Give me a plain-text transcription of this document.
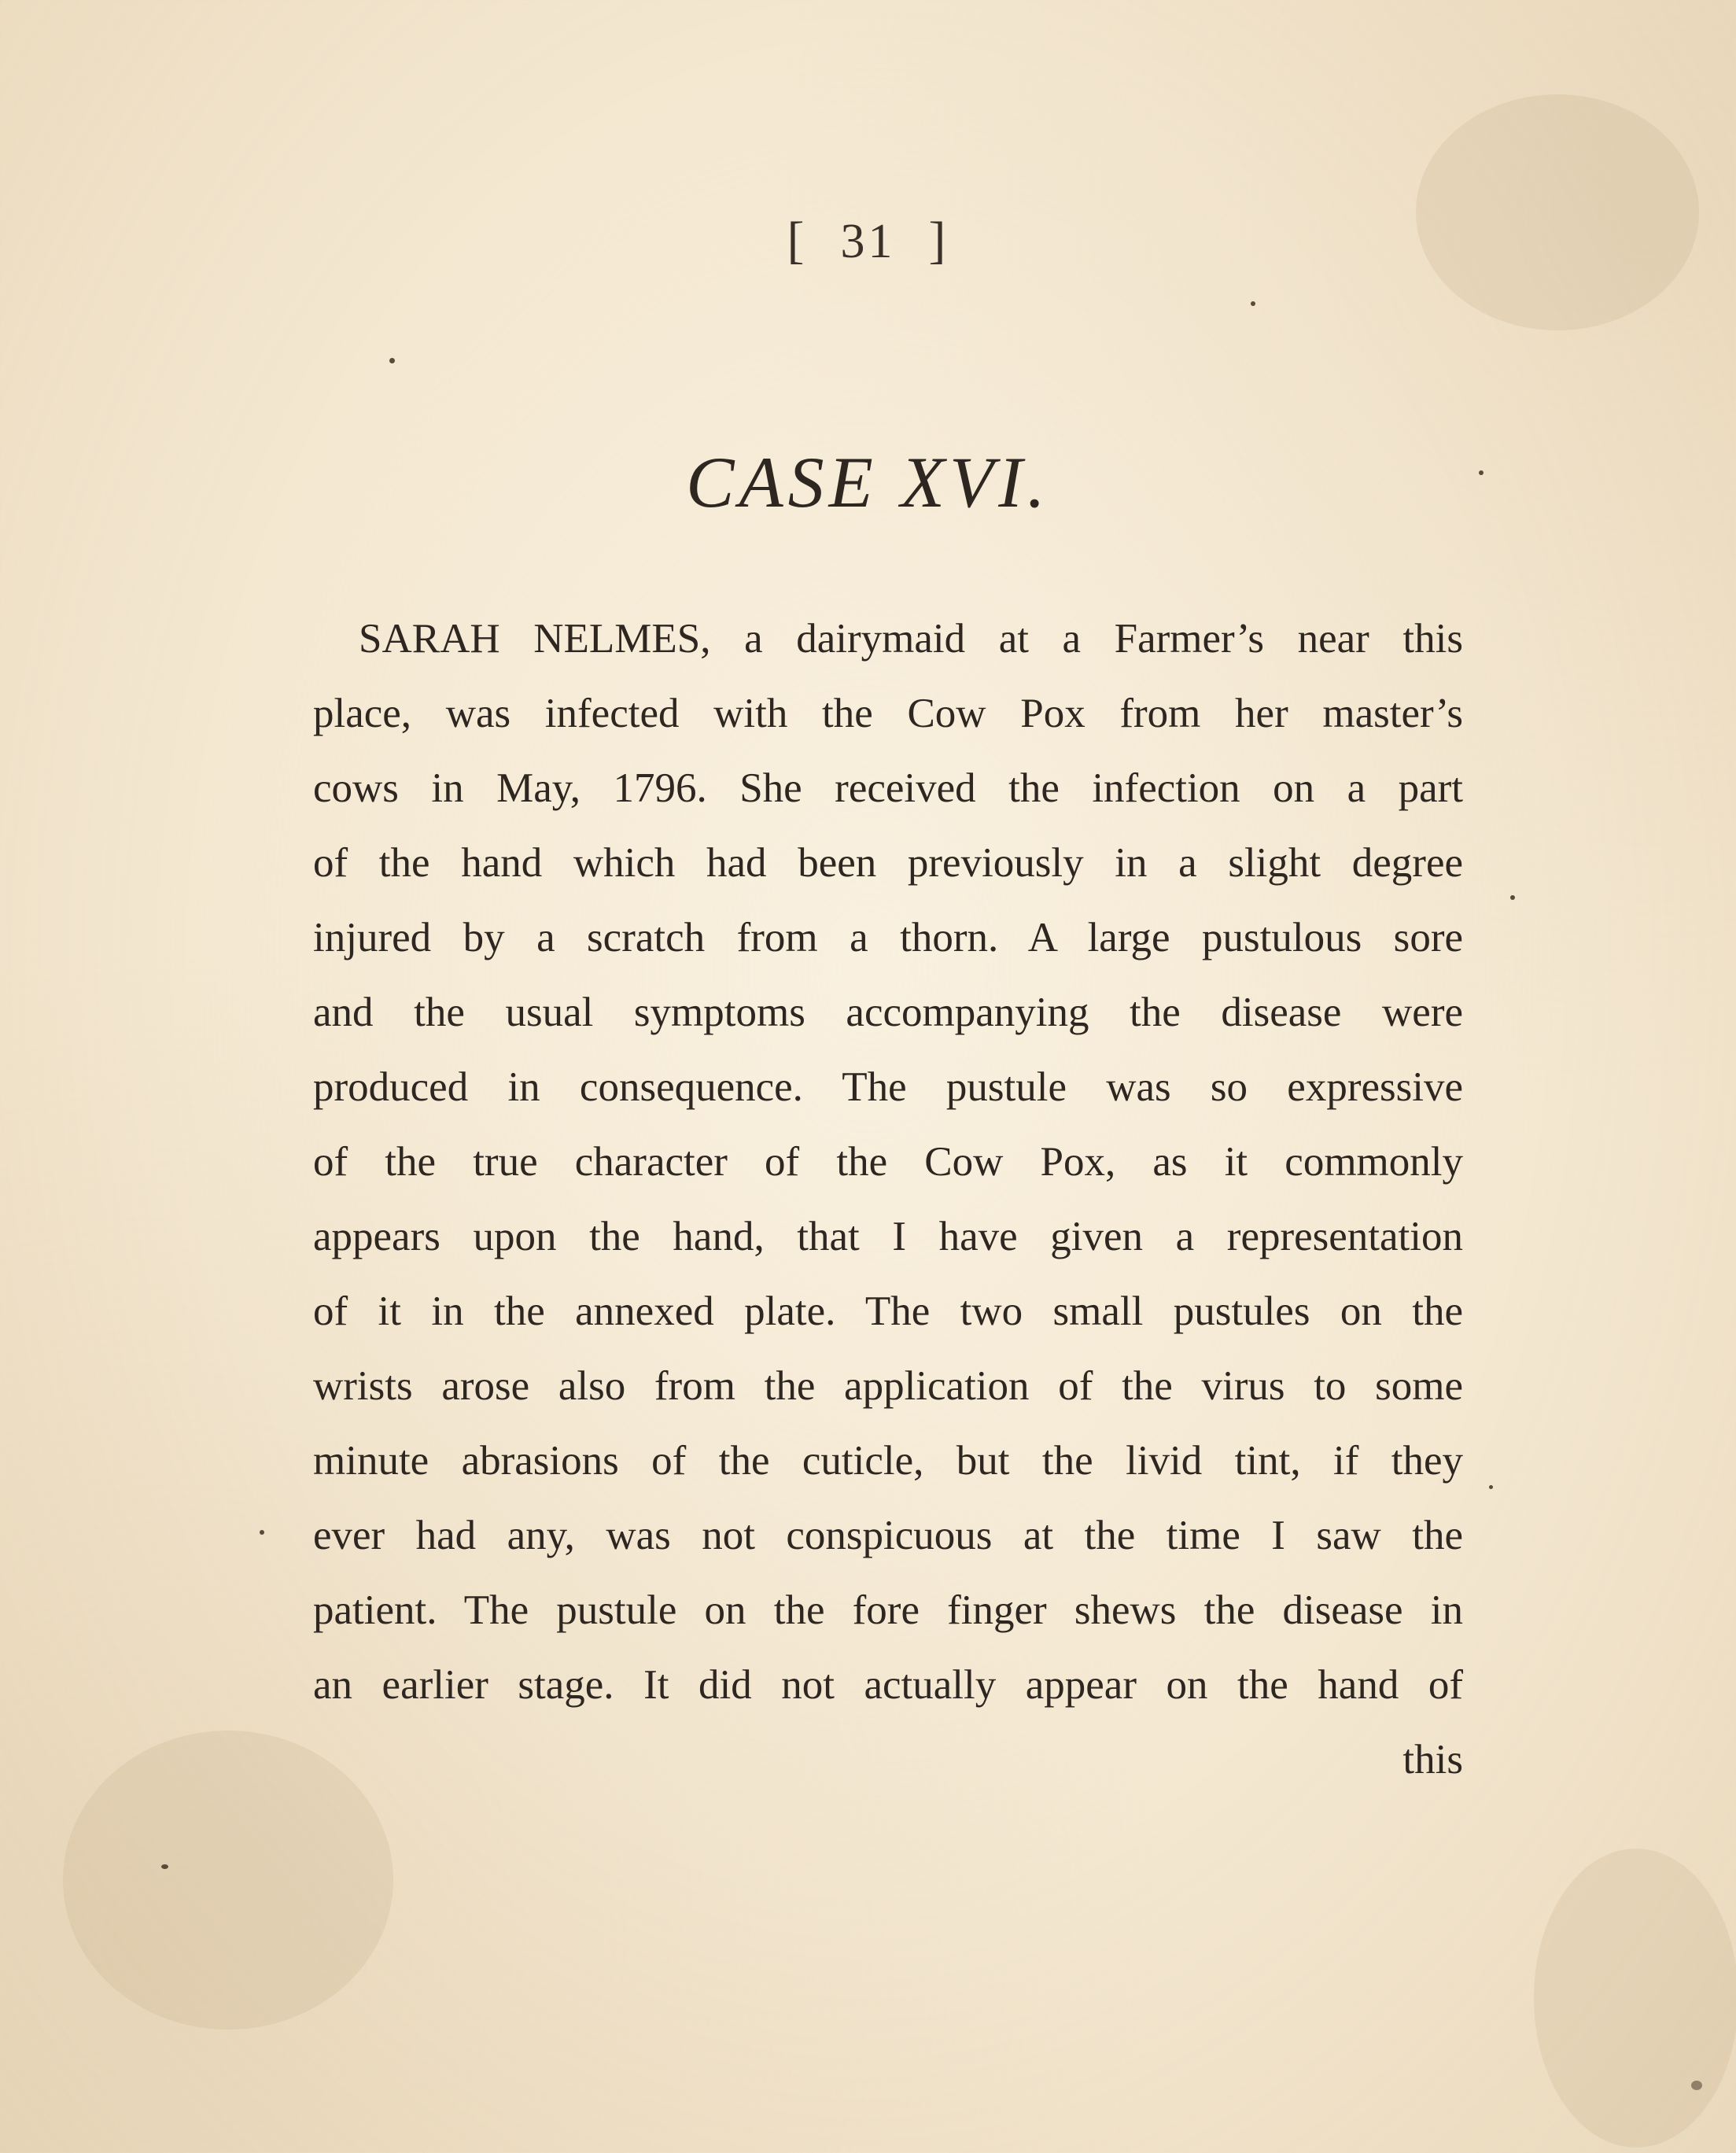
[ 31 ]
CASE XVI.
SARAH NELMES, a dairymaid at a Farmer’s near this
place, was infected with the Cow Pox from her master’s
cows in May, 1796. She received the infection on a part
of the hand which had been previously in a slight degree
injured by a scratch from a thorn. A large pustulous sore
and the usual symptoms accompanying the disease were
produced in consequence. The pustule was so expressive
of the true character of the Cow Pox, as it commonly
appears upon the hand, that I have given a representation
of it in the annexed plate. The two small pustules on the
wrists arose also from the application of the virus to some
minute abrasions of the cuticle, but the livid tint, if they
ever had any, was not conspicuous at the time I saw the
patient. The pustule on the fore finger shews the disease in
an earlier stage. It did not actually appear on the hand of
this
